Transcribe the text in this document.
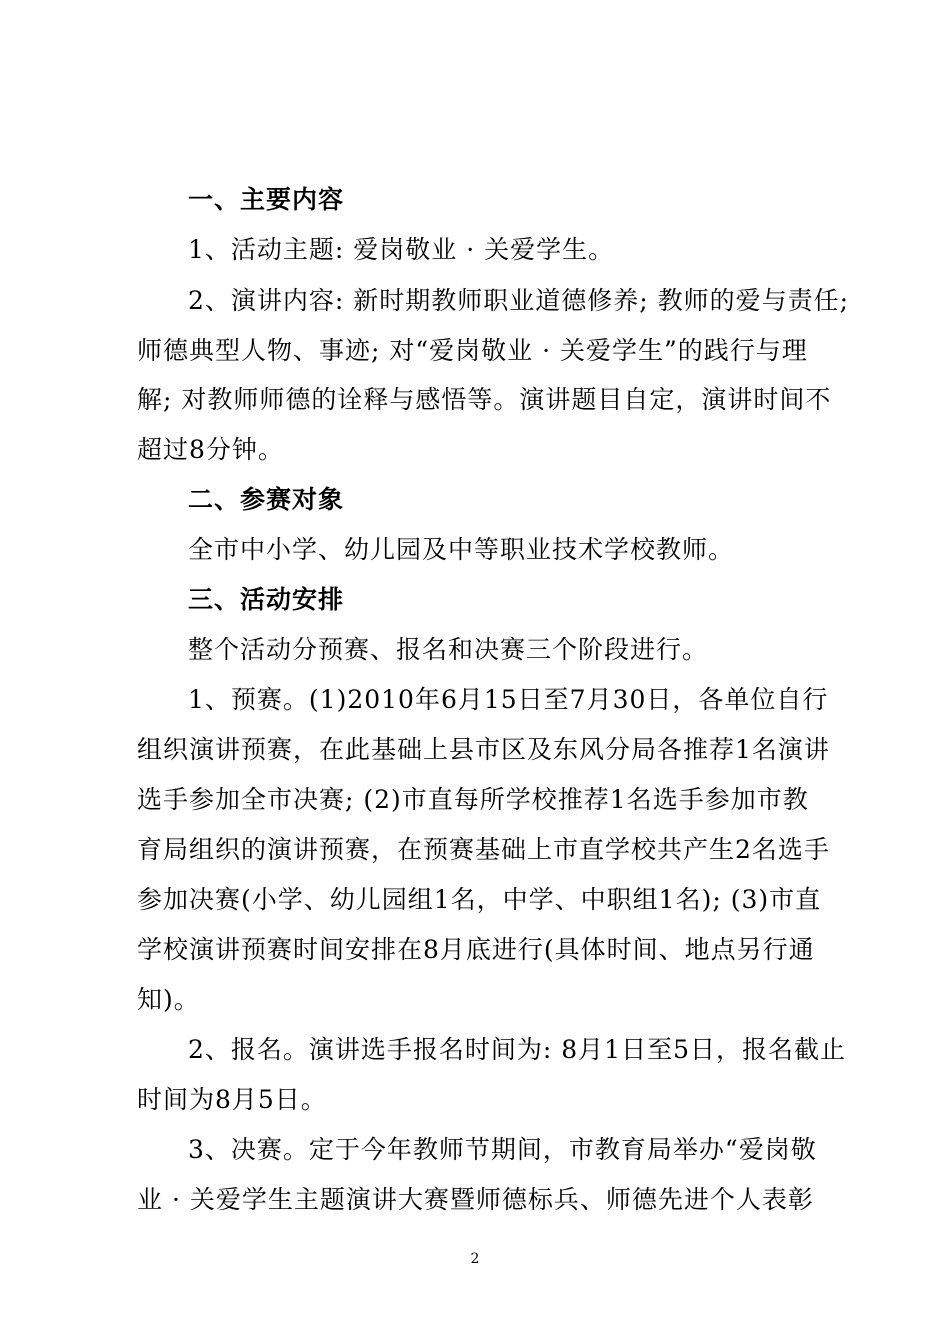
一、主要内容
1、活动主题: 爱岗敬业 · 关爱学生。
2、演讲内容: 新时期教师职业道德修养; 教师的爱与责任;
师德典型人物、事迹; 对“爱岗敬业 · 关爱学生”的践行与理
解; 对教师师德的诠释与感悟等。演讲题目自定，演讲时间不
超过8分钟。
二、参赛对象
全市中小学、幼儿园及中等职业技术学校教师。
三、活动安排
整个活动分预赛、报名和决赛三个阶段进行。
1、预赛。(1)2010年6月15日至7月30日，各单位自行
组织演讲预赛，在此基础上县市区及东风分局各推荐1名演讲
选手参加全市决赛; (2)市直每所学校推荐1名选手参加市教
育局组织的演讲预赛，在预赛基础上市直学校共产生2名选手
参加决赛(小学、幼儿园组1名，中学、中职组1名); (3)市直
学校演讲预赛时间安排在8月底进行(具体时间、地点另行通
知)。
2、报名。演讲选手报名时间为: 8月1日至5日，报名截止
时间为8月5日。
3、决赛。定于今年教师节期间，市教育局举办“爱岗敬
业 · 关爱学生主题演讲大赛暨师德标兵、师德先进个人表彰
2
